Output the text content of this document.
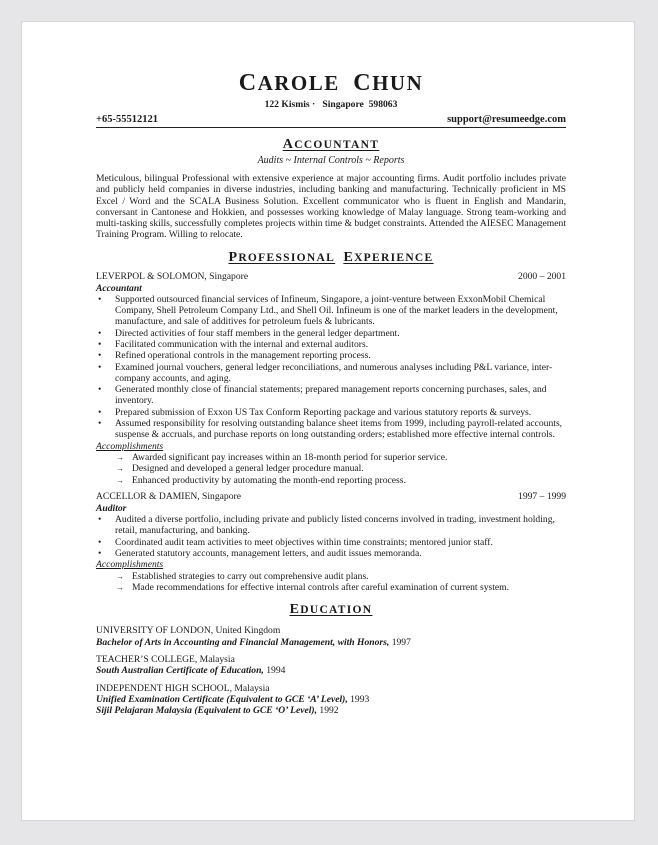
CAROLE CHUN
122 Kismis ·   Singapore  598063
+65-55512121	support@resumeedge.com
ACCOUNTANT
Audits ~ Internal Controls ~ Reports
Meticulous, bilingual Professional with extensive experience at major accounting firms. Audit portfolio includes private and publicly held companies in diverse industries, including banking and manufacturing. Technically proficient in MS Excel / Word and the SCALA Business Solution. Excellent communicator who is fluent in English and Mandarin, conversant in Cantonese and Hokkien, and possesses working knowledge of Malay language. Strong team-working and multi-tasking skills, successfully completes projects within time & budget constraints. Attended the AIESEC Management Training Program. Willing to relocate.
PROFESSIONAL EXPERIENCE
LEVERPOL & SOLOMON, Singapore	2000 – 2001
Accountant
• Supported outsourced financial services of Infineum, Singapore, a joint-venture between ExxonMobil Chemical Company, Shell Petroleum Company Ltd., and Shell Oil. Infineum is one of the market leaders in the development, manufacture, and sale of additives for petroleum fuels & lubricants.
• Directed activities of four staff members in the general ledger department.
• Facilitated communication with the internal and external auditors.
• Refined operational controls in the management reporting process.
• Examined journal vouchers, general ledger reconciliations, and numerous analyses including P&L variance, inter-company accounts, and aging.
• Generated monthly close of financial statements; prepared management reports concerning purchases, sales, and inventory.
• Prepared submission of Exxon US Tax Conform Reporting package and various statutory reports & surveys.
• Assumed responsibility for resolving outstanding balance sheet items from 1999, including payroll-related accounts, suspense & accruals, and purchase reports on long outstanding orders; established more effective internal controls.
Accomplishments
→ Awarded significant pay increases within an 18-month period for superior service.
→ Designed and developed a general ledger procedure manual.
→ Enhanced productivity by automating the month-end reporting process.
ACCELLOR & DAMIEN, Singapore	1997 – 1999
Auditor
• Audited a diverse portfolio, including private and publicly listed concerns involved in trading, investment holding, retail, manufacturing, and banking.
• Coordinated audit team activities to meet objectives within time constraints; mentored junior staff.
• Generated statutory accounts, management letters, and audit issues memoranda.
Accomplishments
→ Established strategies to carry out comprehensive audit plans.
→ Made recommendations for effective internal controls after careful examination of current system.
EDUCATION
UNIVERSITY OF LONDON, United Kingdom
Bachelor of Arts in Accounting and Financial Management, with Honors, 1997
TEACHER’S COLLEGE, Malaysia
South Australian Certificate of Education, 1994
INDEPENDENT HIGH SCHOOL, Malaysia
Unified Examination Certificate (Equivalent to GCE ‘A’ Level), 1993
Sijil Pelajaran Malaysia (Equivalent to GCE ‘O’ Level), 1992
